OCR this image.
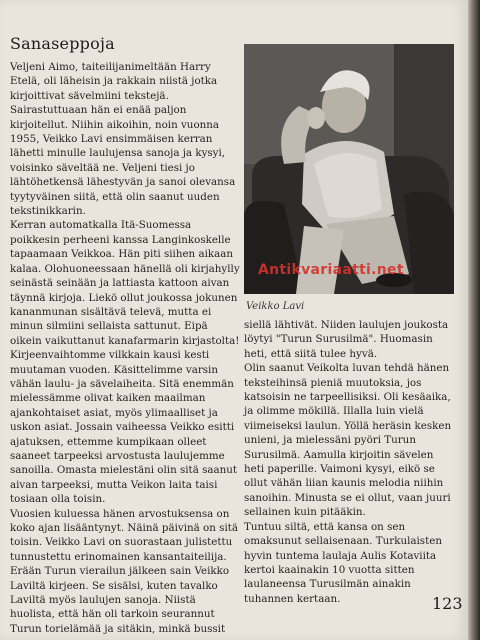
Sanaseppoja

Veljeni Aimo, taiteilijanimeltään Harry Etelä, oli läheisin ja rakkain niistä jotka kirjoittivat sävelmiini tekstejä. Sairastuttuaan hän ei enää paljon kirjoitellut. Niihin aikoihin, noin vuonna 1955, Veikko Lavi ensimmäisen kerran lähetti minulle laulujensa sanoja ja kysyi, voisinko säveltää ne. Veljeni tiesi jo lähtöhetkensä lähestyvän ja sanoi olevansa tyytyväinen siitä, että olin saanut uuden tekstinikkarin.

Kerran automatkalla Itä-Suomessa poikkesin perheeni kanssa Langinkoskelle tapaamaan Veikkoa. Hän piti siihen aikaan kalaa. Olohuoneessaan hänellä oli kirjahylly seinästä seinään ja lattiasta kattoon aivan täynnä kirjoja. Liekö ollut joukossa jokunen kananmunan sisältävä televä, mutta ei minun silmiini sellaista sattunut. Eipä oikein vaikuttanut kanafarmarin kirjastolta!

Kirjeenvaihtomme vilkkain kausi kesti muutaman vuoden. Käsittelimme varsin vähän laulu- ja sävelaiheita. Sitä enemmän mielessämme olivat kaiken maailman ajankohtaiset asiat, myös ylimaalliset ja uskon asiat. Jossain vaiheessa Veikko esitti ajatuksen, ettemme kumpikaan olleet saaneet tarpeeksi arvostusta laulujemme sanoilla. Omasta mielestäni olin sitä saanut aivan tarpeeksi, mutta Veikon laita taisi tosiaan olla toisin.

Vuosien kuluessa hänen arvostuksensa on koko ajan lisääntynyt. Näinä päivinä on sitä toisin. Veikko Lavi on suorastaan julistettu tunnustettu erinomainen kansantaiteilija.

Erään Turun vierailun jälkeen sain Veikko Laviltä kirjeen. Se sisälsi, kuten tavalko Laviltä myös laulujen sanoja. Niistä huolista, että hän oli tarkoin seurannut Turun torielämää ja sitäkin, minkä bussit

Antikvariaatti.net
Veikko Lavi

siellä lähtivät. Niiden laulujen joukosta löytyi "Turun Surusilmä". Huomasin heti, että siitä tulee hyvä.

Olin saanut Veikolta luvan tehdä hänen teksteihinsä pieniä muutoksia, jos katsoisin ne tarpeellisiksi. Oli kesäaika, ja olimme mökillä. Illalla luin vielä viimeiseksi laulun. Yöllä heräsin kesken unieni, ja mielessäni pyöri Turun Surusilmä. Aamulla kirjoitin sävelen heti paperille. Vaimoni kysyi, eikö se ollut vähän liian kaunis melodia niihin sanoihin. Minusta se ei ollut, vaan juuri sellainen kuin pitääkin.

Tuntuu siltä, että kansa on sen omaksunut sellaisenaan. Turkulaisten hyvin tuntema laulaja Aulis Kotaviita kertoi kaainakin 10 vuotta sitten laulaneensa Turusilmän ainakin tuhannen kertaan.	123
